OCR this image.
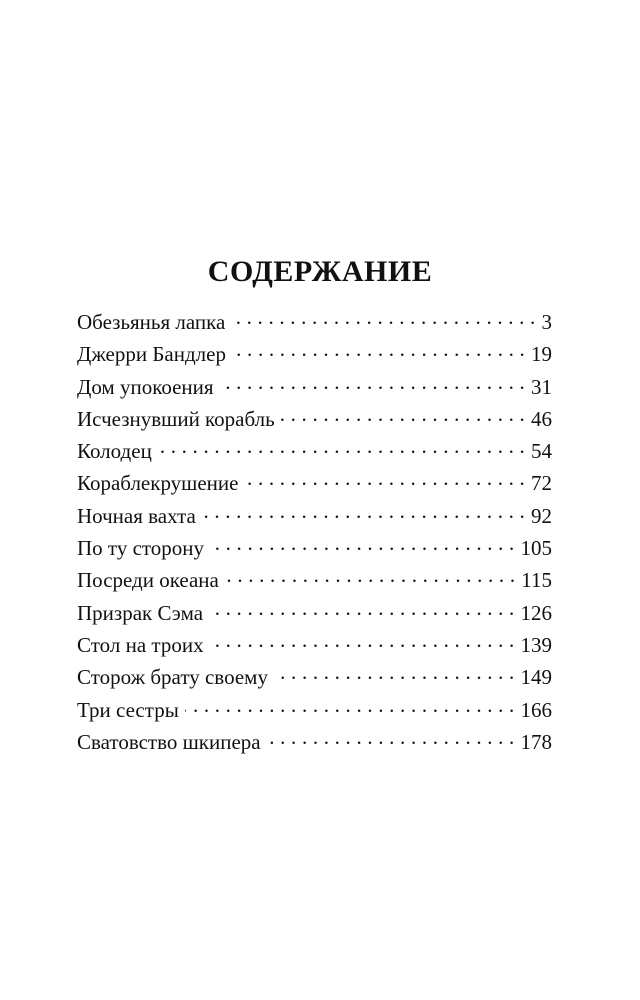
СОДЕРЖАНИЕ
Обезьянья лапка . . .	3
Джерри Бандлер . . .	19
Дом упокоения . . .	31
Исчезнувший корабль . . .	46
Колодец . . .	54
Кораблекрушение . . .	72
Ночная вахта . . .	92
По ту сторону . . .	105
Посреди океана . . .	115
Призрак Сэма . . .	126
Стол на троих . . .	139
Сторож брату своему . . .	149
Три сестры . . .	166
Сватовство шкипера . . .	178
